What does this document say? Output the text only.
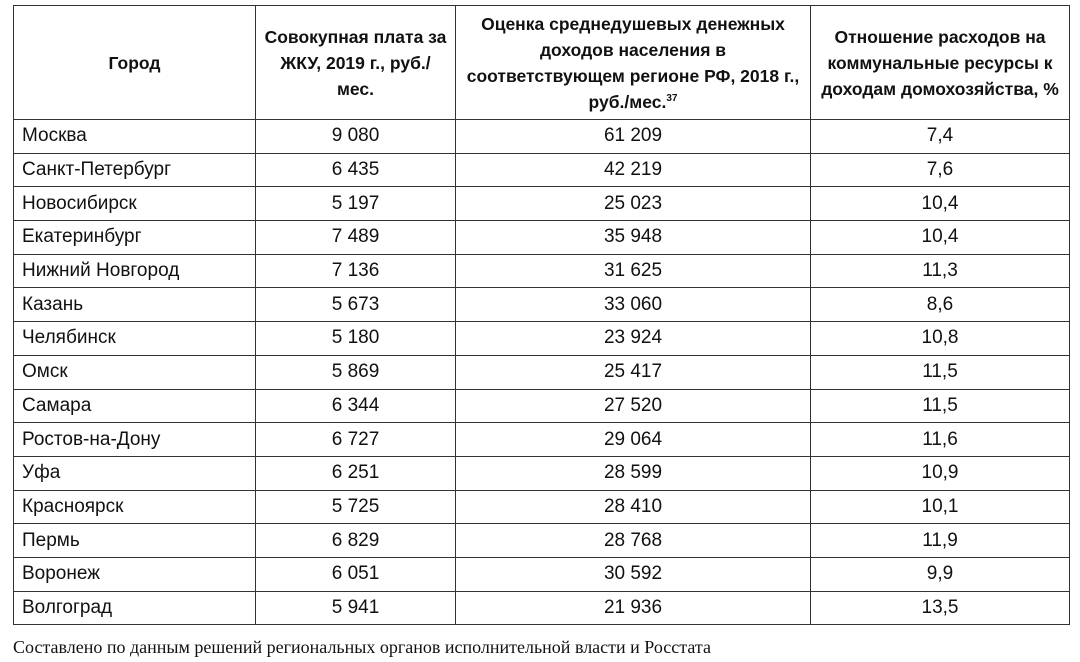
Город	Совокупная плата за ЖКУ, 2019 г., руб./мес.	Оценка среднедушевых денежных доходов населения в соответствующем регионе РФ, 2018 г., руб./мес.$^{37}$	Отношение расходов на коммунальные ресурсы к доходам домохозяйства, %
Москва	9 080	61 209	7,4
Санкт-Петербург	6 435	42 219	7,6
Новосибирск	5 197	25 023	10,4
Екатеринбург	7 489	35 948	10,4
Нижний Новгород	7 136	31 625	11,3
Казань	5 673	33 060	8,6
Челябинск	5 180	23 924	10,8
Омск	5 869	25 417	11,5
Самара	6 344	27 520	11,5
Ростов-на-Дону	6 727	29 064	11,6
Уфа	6 251	28 599	10,9
Красноярск	5 725	28 410	10,1
Пермь	6 829	28 768	11,9
Воронеж	6 051	30 592	9,9
Волгоград	5 941	21 936	13,5
Составлено по данным решений региональных органов исполнительной власти и Росстата
